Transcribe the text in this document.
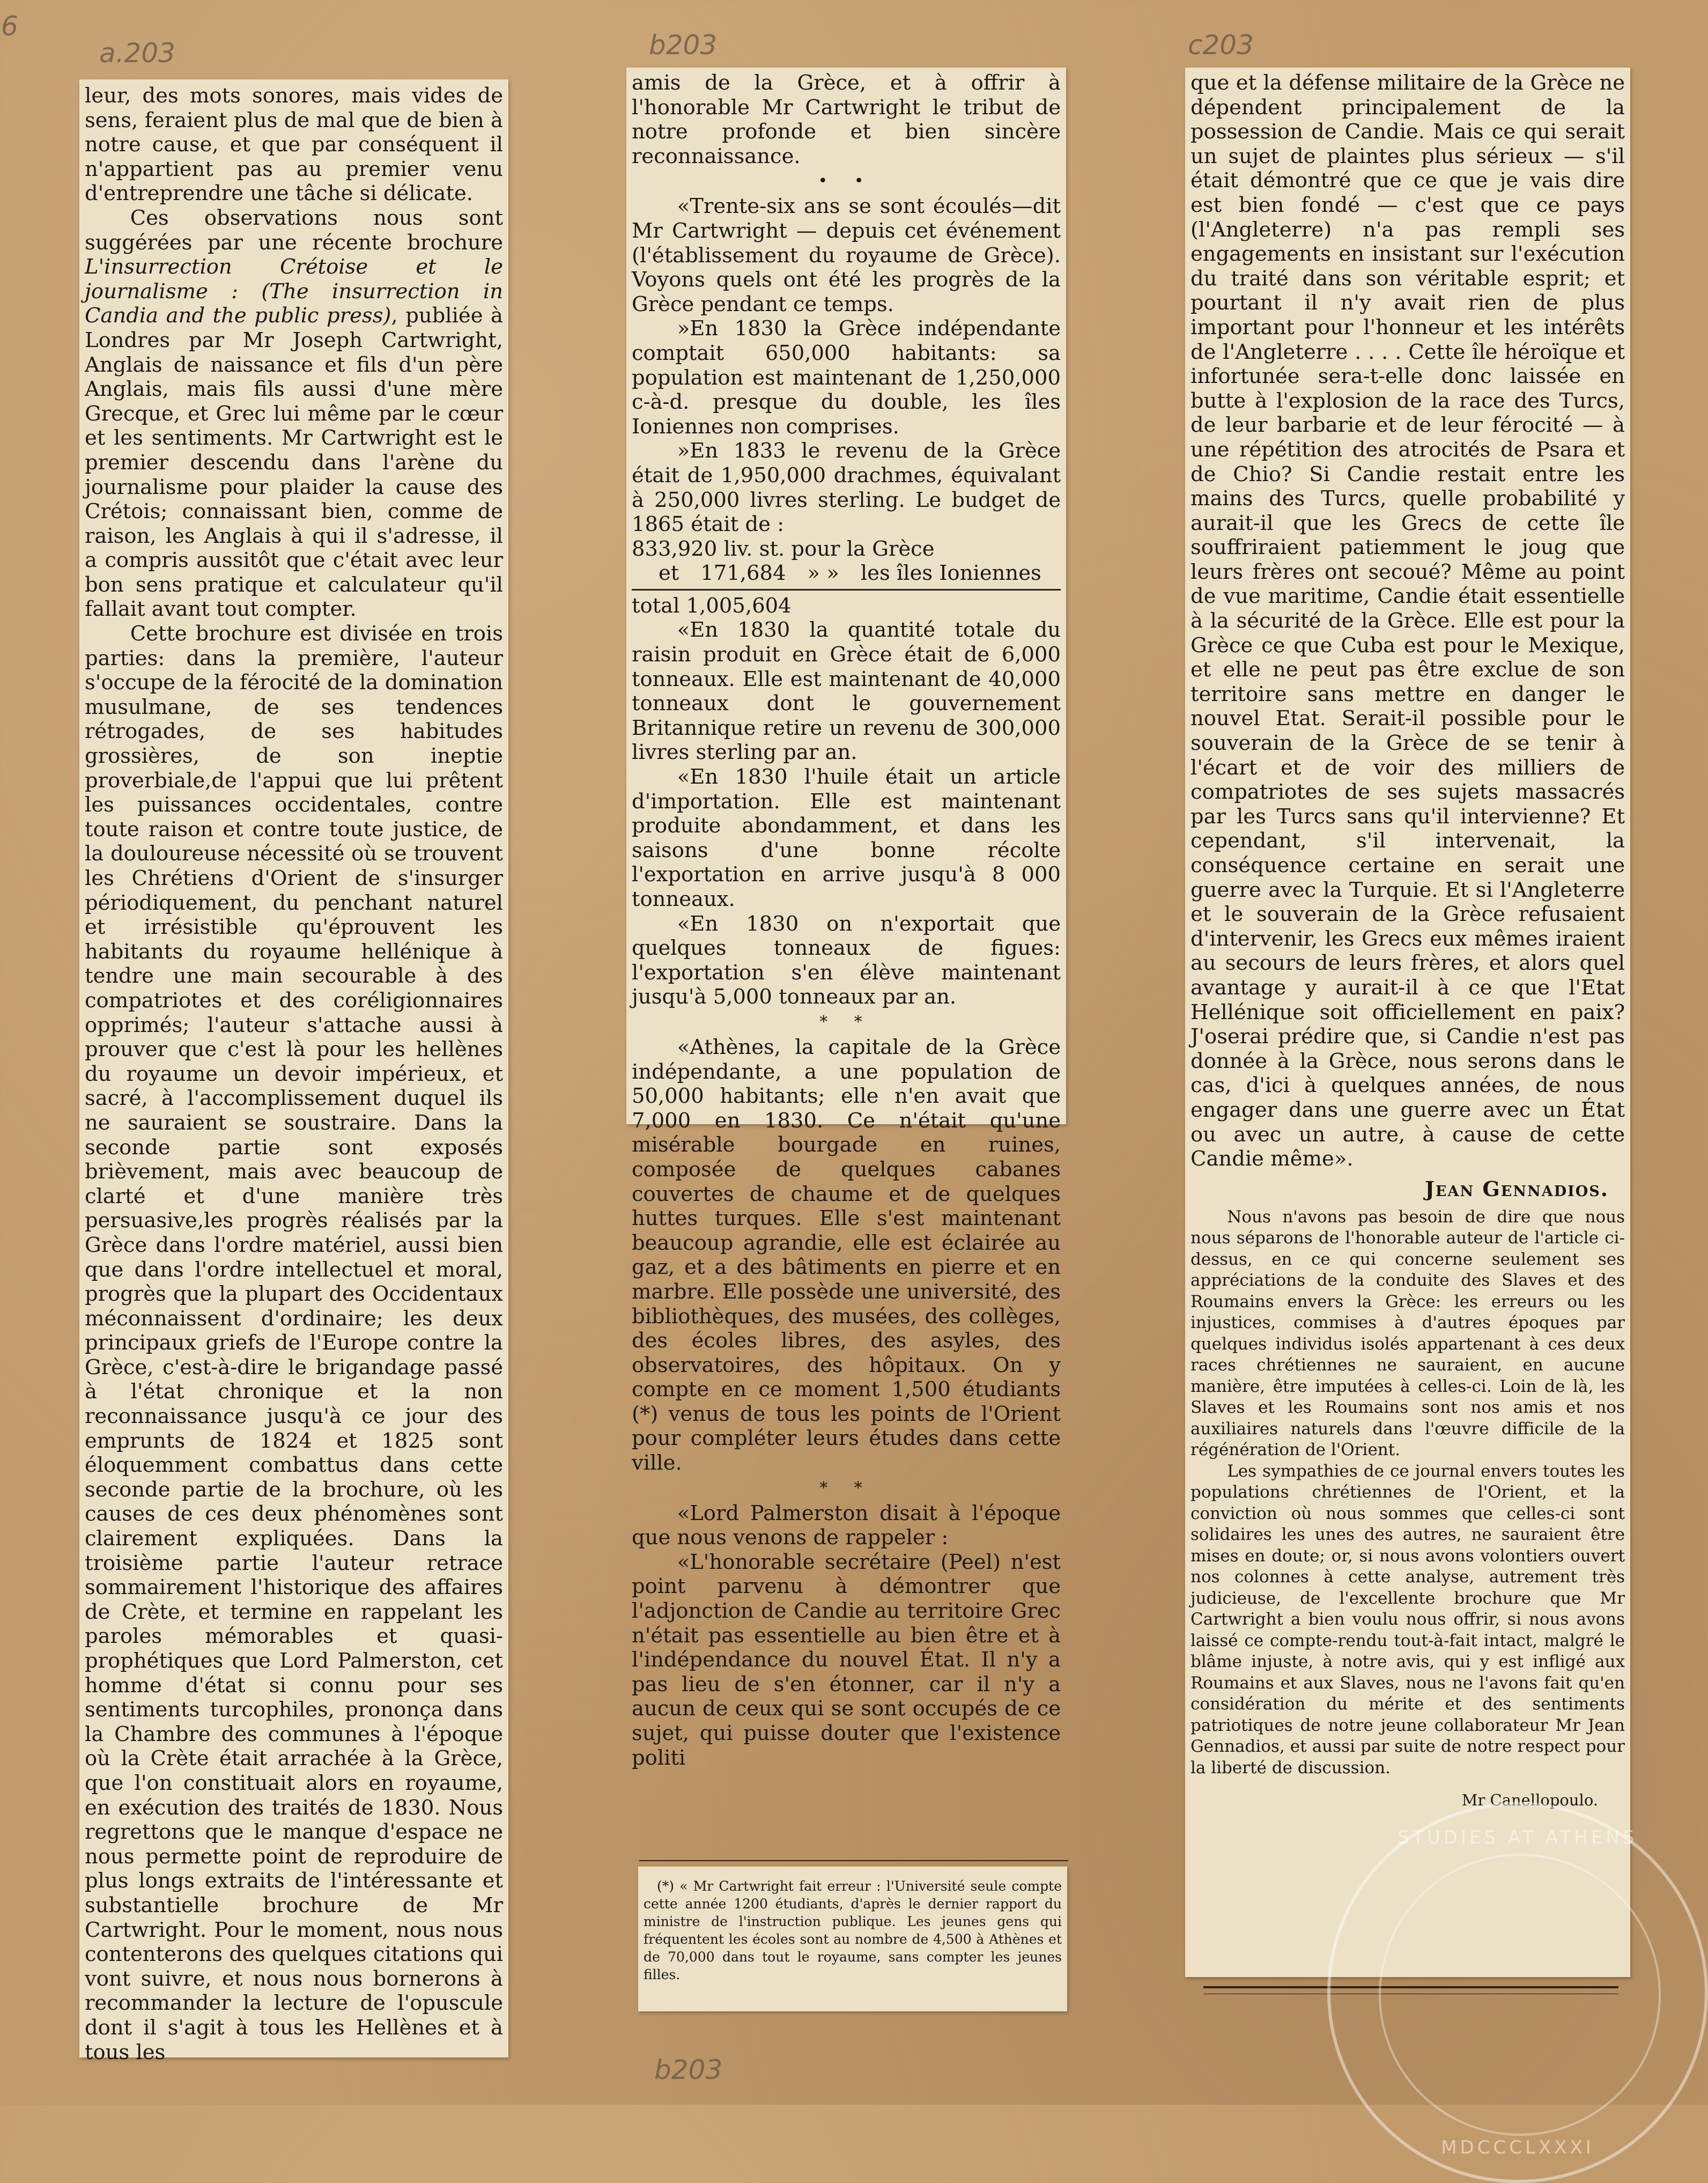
a.203	b203	c203
b203
6

leur, des mots sonores, mais vides de sens, feraient plus de mal que de bien à notre cause, et que par conséquent il n'appartient pas au premier venu d'entreprendre une tâche si délicate.

Ces observations nous sont suggérées par une récente brochure L'insurrection Crétoise et le journalisme : (The insurrection in Candia and the public press), publiée à Londres par Mr Joseph Cartwright, Anglais de naissance et fils d'un père Anglais, mais fils aussi d'une mère Grecque, et Grec lui même par le cœur et les sentiments. Mr Cartwright est le premier descendu dans l'arène du journalisme pour plaider la cause des Crétois; connaissant bien, comme de raison, les Anglais à qui il s'adresse, il a compris aussitôt que c'était avec leur bon sens pratique et calculateur qu'il fallait avant tout compter.

Cette brochure est divisée en trois parties: dans la première, l'auteur s'occupe de la férocité de la domination musulmane, de ses tendences rétrogades, de ses habitudes grossières, de son ineptie proverbiale,de l'appui que lui prêtent les puissances occidentales, contre toute raison et contre toute justice, de la douloureuse nécessité où se trouvent les Chrétiens d'Orient de s'insurger périodiquement, du penchant naturel et irrésistible qu'éprouvent les habitants du royaume hellénique à tendre une main secourable à des compatriotes et des coréligionnaires opprimés; l'auteur s'attache aussi à prouver que c'est là pour les hellènes du royaume un devoir impérieux, et sacré, à l'accomplissement duquel ils ne sauraient se soustraire. Dans la seconde partie sont exposés brièvement, mais avec beaucoup de clarté et d'une manière très persuasive,les progrès réalisés par la Grèce dans l'ordre matériel, aussi bien que dans l'ordre intellectuel et moral, progrès que la plupart des Occidentaux méconnaissent d'ordinaire; les deux principaux griefs de l'Europe contre la Grèce, c'est-à-dire le brigandage passé à l'état chronique et la non reconnaissance jusqu'à ce jour des emprunts de 1824 et 1825 sont éloquemment combattus dans cette seconde partie de la brochure, où les causes de ces deux phénomènes sont clairement expliquées. Dans la troisième partie l'auteur retrace sommairement l'historique des affaires de Crète, et termine en rappelant les paroles mémorables et quasi-prophétiques que Lord Palmerston, cet homme d'état si connu pour ses sentiments turcophiles, prononça dans la Chambre des communes à l'époque où la Crète était arrachée à la Grèce, que l'on constituait alors en royaume, en exécution des traités de 1830. Nous regrettons que le manque d'espace ne nous permette point de reproduire de plus longs extraits de l'intéressante et substantielle brochure de Mr Cartwright. Pour le moment, nous nous contenterons des quelques citations qui vont suivre, et nous nous bornerons à recommander la lecture de l'opuscule dont il s'agit à tous les Hellènes et à tous les

amis de la Grèce, et à offrir à l'honorable Mr Cartwright le tribut de notre profonde et bien sincère reconnaissance.

• •

«Trente-six ans se sont écoulés—dit Mr Cartwright — depuis cet événement (l'établissement du royaume de Grèce). Voyons quels ont été les progrès de la Grèce pendant ce temps.

»En 1830 la Grèce indépendante comptait 650,000 habitants: sa population est maintenant de 1,250,000 c-à-d. presque du double, les îles Ioniennes non comprises.

»En 1833 le revenu de la Grèce était de 1,950,000 drachmes, équivalant à 250,000 livres sterling. Le budget de 1865 était de :

833,920 liv. st. pour la Grèce
et 171,684 » » les îles Ioniennes
total 1,005,604

«En 1830 la quantité totale du raisin produit en Grèce était de 6,000 tonneaux. Elle est maintenant de 40,000 tonneaux dont le gouvernement Britannique retire un revenu de 300,000 livres sterling par an.

«En 1830 l'huile était un article d'importation. Elle est maintenant produite abondamment, et dans les saisons d'une bonne récolte l'exportation en arrive jusqu'à 8 000 tonneaux.

«En 1830 on n'exportait que quelques tonneaux de figues: l'exportation s'en élève maintenant jusqu'à 5,000 tonneaux par an.

* *

«Athènes, la capitale de la Grèce indépendante, a une population de 50,000 habitants; elle n'en avait que 7,000 en 1830. Ce n'était qu'une misérable bourgade en ruines, composée de quelques cabanes couvertes de chaume et de quelques huttes turques. Elle s'est maintenant beaucoup agrandie, elle est éclairée au gaz, et a des bâtiments en pierre et en marbre. Elle possède une université, des bibliothèques, des musées, des collèges, des écoles libres, des asyles, des observatoires, des hôpitaux. On y compte en ce moment 1,500 étudiants (*) venus de tous les points de l'Orient pour compléter leurs études dans cette ville.

* *

«Lord Palmerston disait à l'époque que nous venons de rappeler :

«L'honorable secrétaire (Peel) n'est point parvenu à démontrer que l'adjonction de Candie au territoire Grec n'était pas essentielle au bien être et à l'indépendance du nouvel État. Il n'y a pas lieu de s'en étonner, car il n'y a aucun de ceux qui se sont occupés de ce sujet, qui puisse douter que l'existence politi

(*) « Mr Cartwright fait erreur : l'Université seule compte cette année 1200 étudiants, d'après le dernier rapport du ministre de l'instruction publique. Les jeunes gens qui fréquentent les écoles sont au nombre de 4,500 à Athènes et de 70,000 dans tout le royaume, sans compter les jeunes filles.

que et la défense militaire de la Grèce ne dépendent principalement de la possession de Candie. Mais ce qui serait un sujet de plaintes plus sérieux — s'il était démontré que ce que je vais dire est bien fondé — c'est que ce pays (l'Angleterre) n'a pas rempli ses engagements en insistant sur l'exécution du traité dans son véritable esprit; et pourtant il n'y avait rien de plus important pour l'honneur et les intérêts de l'Angleterre . . . . Cette île héroïque et infortunée sera-t-elle donc laissée en butte à l'explosion de la race des Turcs, de leur barbarie et de leur férocité — à une répétition des atrocités de Psara et de Chio? Si Candie restait entre les mains des Turcs, quelle probabilité y aurait-il que les Grecs de cette île souffriraient patiemment le joug que leurs frères ont secoué? Même au point de vue maritime, Candie était essentielle à la sécurité de la Grèce. Elle est pour la Grèce ce que Cuba est pour le Mexique, et elle ne peut pas être exclue de son territoire sans mettre en danger le nouvel Etat. Serait-il possible pour le souverain de la Grèce de se tenir à l'écart et de voir des milliers de compatriotes de ses sujets massacrés par les Turcs sans qu'il intervienne? Et cependant, s'il intervenait, la conséquence certaine en serait une guerre avec la Turquie. Et si l'Angleterre et le souverain de la Grèce refusaient d'intervenir, les Grecs eux mêmes iraient au secours de leurs frères, et alors quel avantage y aurait-il à ce que l'Etat Hellénique soit officiellement en paix? J'oserai prédire que, si Candie n'est pas donnée à la Grèce, nous serons dans le cas, d'ici à quelques années, de nous engager dans une guerre avec un État ou avec un autre, à cause de cette Candie même».

Jean Gennadios.

Nous n'avons pas besoin de dire que nous nous séparons de l'honorable auteur de l'article ci-dessus, en ce qui concerne seulement ses appréciations de la conduite des Slaves et des Roumains envers la Grèce: les erreurs ou les injustices, commises à d'autres époques par quelques individus isolés appartenant à ces deux races chrétiennes ne sauraient, en aucune manière, être imputées à celles-ci. Loin de là, les Slaves et les Roumains sont nos amis et nos auxiliaires naturels dans l'œuvre difficile de la régénération de l'Orient.

Les sympathies de ce journal envers toutes les populations chrétiennes de l'Orient, et la conviction où nous sommes que celles-ci sont solidaires les unes des autres, ne sauraient être mises en doute; or, si nous avons volontiers ouvert nos colonnes à cette analyse, autrement très judicieuse, de l'excellente brochure que Mr Cartwright a bien voulu nous offrir, si nous avons laissé ce compte-rendu tout-à-fait intact, malgré le blâme injuste, à notre avis, qui y est infligé aux Roumains et aux Slaves, nous ne l'avons fait qu'en considération du mérite et des sentiments patriotiques de notre jeune collaborateur Mr Jean Gennadios, et aussi par suite de notre respect pour la liberté de discussion.

Mr Canellopoulo.
STUDIES AT ATHENS
MDCCCLXXXI
